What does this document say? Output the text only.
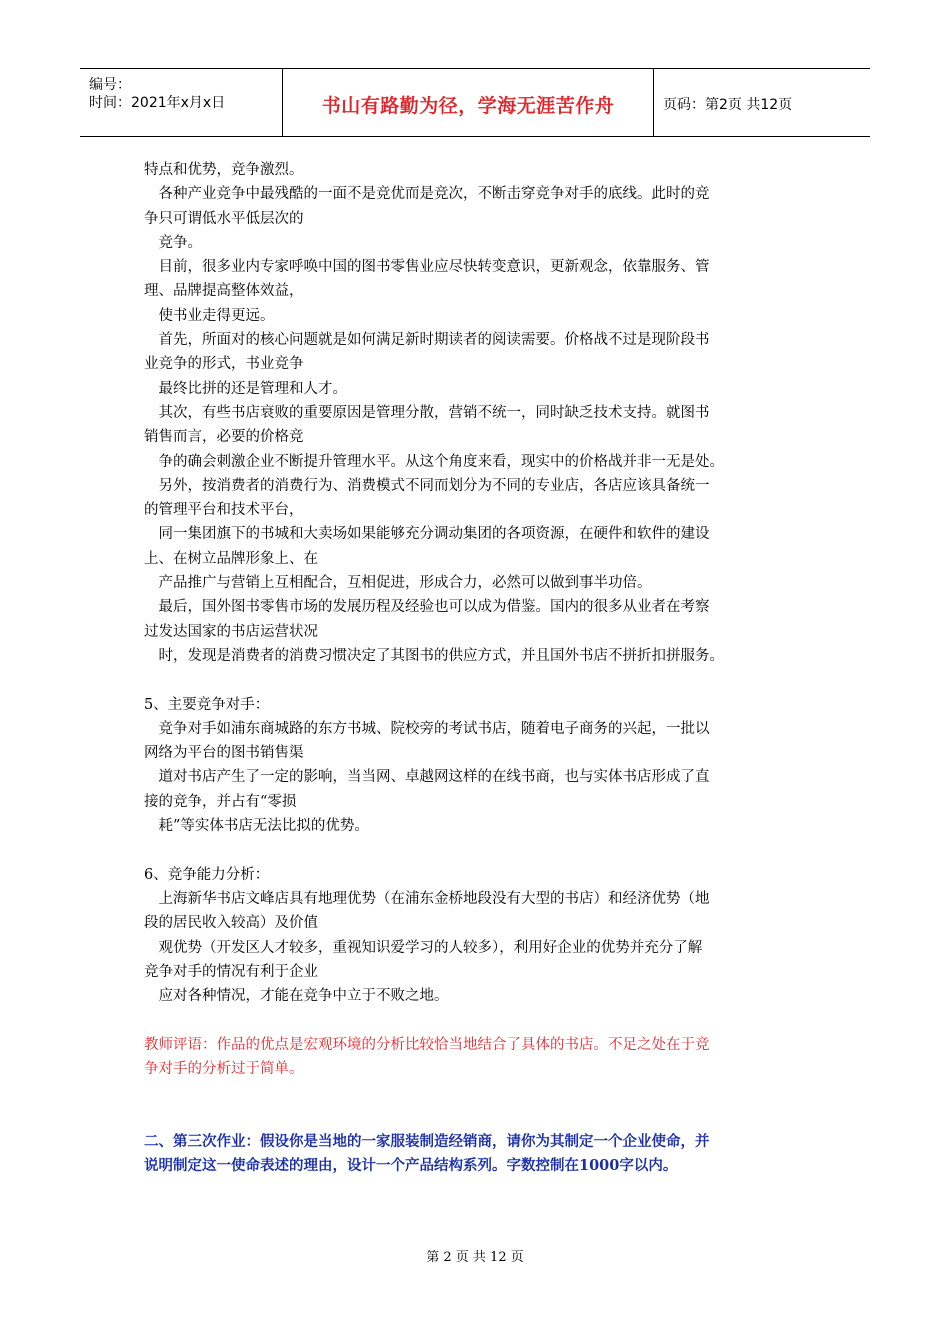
编号：
时间：2021年x月x日	书山有路勤为径，学海无涯苦作舟	页码：第2页 共12页
特点和优势，竞争激烈。
　各种产业竞争中最残酷的一面不是竞优而是竞次，不断击穿竞争对手的底线。此时的竞
争只可谓低水平低层次的
　竞争。
　目前，很多业内专家呼唤中国的图书零售业应尽快转变意识，更新观念，依靠服务、管
理、品牌提高整体效益，
　使书业走得更远。
　首先，所面对的核心问题就是如何满足新时期读者的阅读需要。价格战不过是现阶段书
业竞争的形式，书业竞争
　最终比拼的还是管理和人才。
　其次，有些书店衰败的重要原因是管理分散，营销不统一，同时缺乏技术支持。就图书
销售而言，必要的价格竞
　争的确会刺激企业不断提升管理水平。从这个角度来看，现实中的价格战并非一无是处。
　另外，按消费者的消费行为、消费模式不同而划分为不同的专业店，各店应该具备统一
的管理平台和技术平台，
　同一集团旗下的书城和大卖场如果能够充分调动集团的各项资源，在硬件和软件的建设
上、在树立品牌形象上、在
　产品推广与营销上互相配合，互相促进，形成合力，必然可以做到事半功倍。
　最后，国外图书零售市场的发展历程及经验也可以成为借鉴。国内的很多从业者在考察
过发达国家的书店运营状况
　时，发现是消费者的消费习惯决定了其图书的供应方式，并且国外书店不拼折扣拼服务。
5、主要竞争对手：
　竞争对手如浦东商城路的东方书城、院校旁的考试书店，随着电子商务的兴起，一批以
网络为平台的图书销售渠
　道对书店产生了一定的影响，当当网、卓越网这样的在线书商，也与实体书店形成了直
接的竞争，并占有“零损
　耗”等实体书店无法比拟的优势。
6、竞争能力分析：
　上海新华书店文峰店具有地理优势（在浦东金桥地段没有大型的书店）和经济优势（地
段的居民收入较高）及价值
　观优势（开发区人才较多，重视知识爱学习的人较多），利用好企业的优势并充分了解
竞争对手的情况有利于企业
　应对各种情况，才能在竞争中立于不败之地。
教师评语：作品的优点是宏观环境的分析比较恰当地结合了具体的书店。不足之处在于竞
争对手的分析过于简单。
二、第三次作业：假设你是当地的一家服装制造经销商，请你为其制定一个企业使命，并
说明制定这一使命表述的理由，设计一个产品结构系列。字数控制在1000字以内。
第 2 页 共 12 页
